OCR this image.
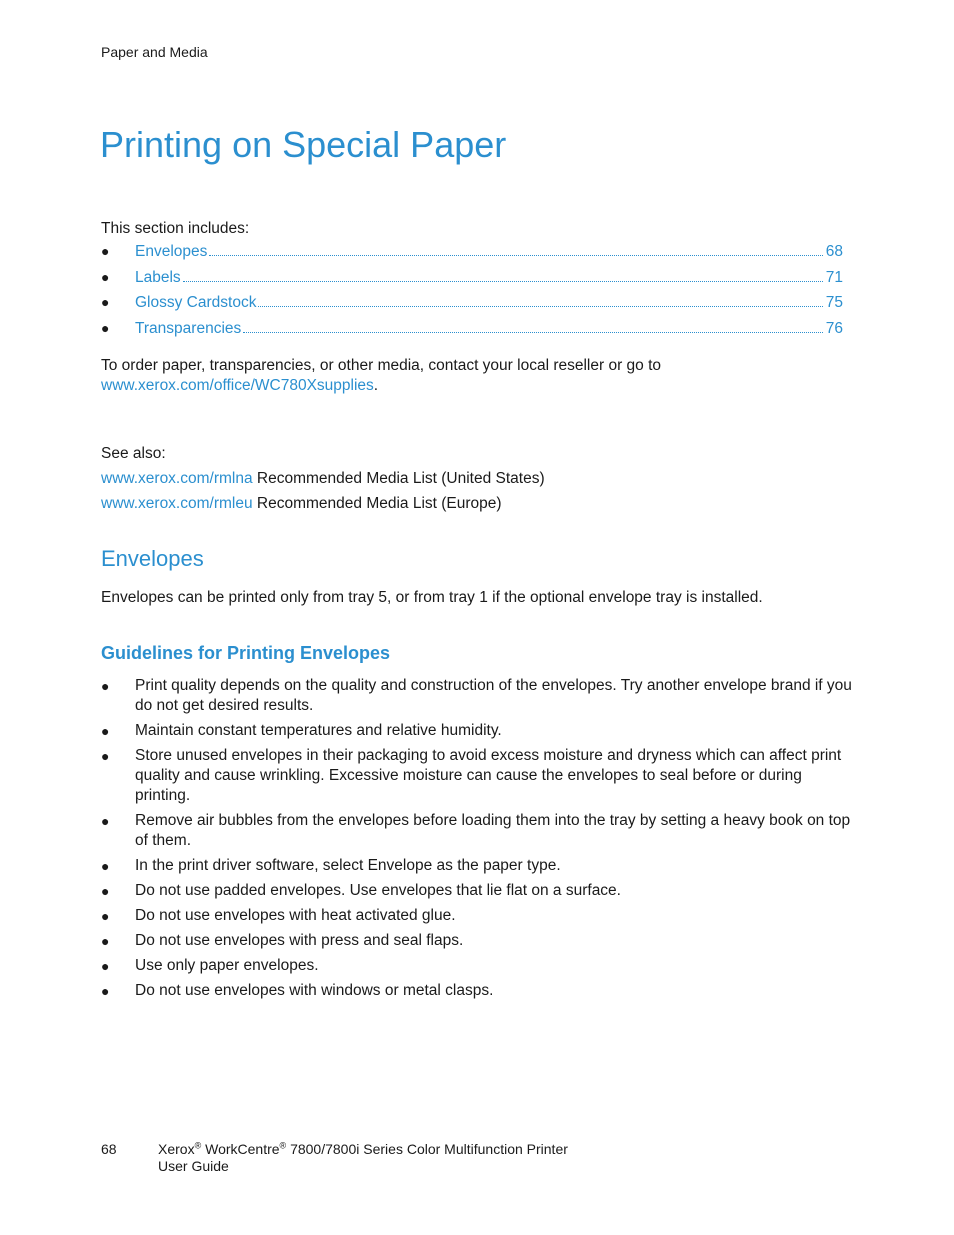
Paper and Media
Printing on Special Paper
This section includes:
●	Envelopes	68
●	Labels	71
●	Glossy Cardstock	75
●	Transparencies	76
To order paper, transparencies, or other media, contact your local reseller or go to
www.xerox.com/office/WC780Xsupplies.
See also:
www.xerox.com/rmlna Recommended Media List (United States)
www.xerox.com/rmleu Recommended Media List (Europe)
Envelopes
Envelopes can be printed only from tray 5, or from tray 1 if the optional envelope tray is installed.
Guidelines for Printing Envelopes
●	Print quality depends on the quality and construction of the envelopes. Try another envelope brand if you do not get desired results.
●	Maintain constant temperatures and relative humidity.
●	Store unused envelopes in their packaging to avoid excess moisture and dryness which can affect print quality and cause wrinkling. Excessive moisture can cause the envelopes to seal before or during printing.
●	Remove air bubbles from the envelopes before loading them into the tray by setting a heavy book on top of them.
●	In the print driver software, select Envelope as the paper type.
●	Do not use padded envelopes. Use envelopes that lie flat on a surface.
●	Do not use envelopes with heat activated glue.
●	Do not use envelopes with press and seal flaps.
●	Use only paper envelopes.
●	Do not use envelopes with windows or metal clasps.
68	Xerox® WorkCentre® 7800/7800i Series Color Multifunction Printer
User Guide
